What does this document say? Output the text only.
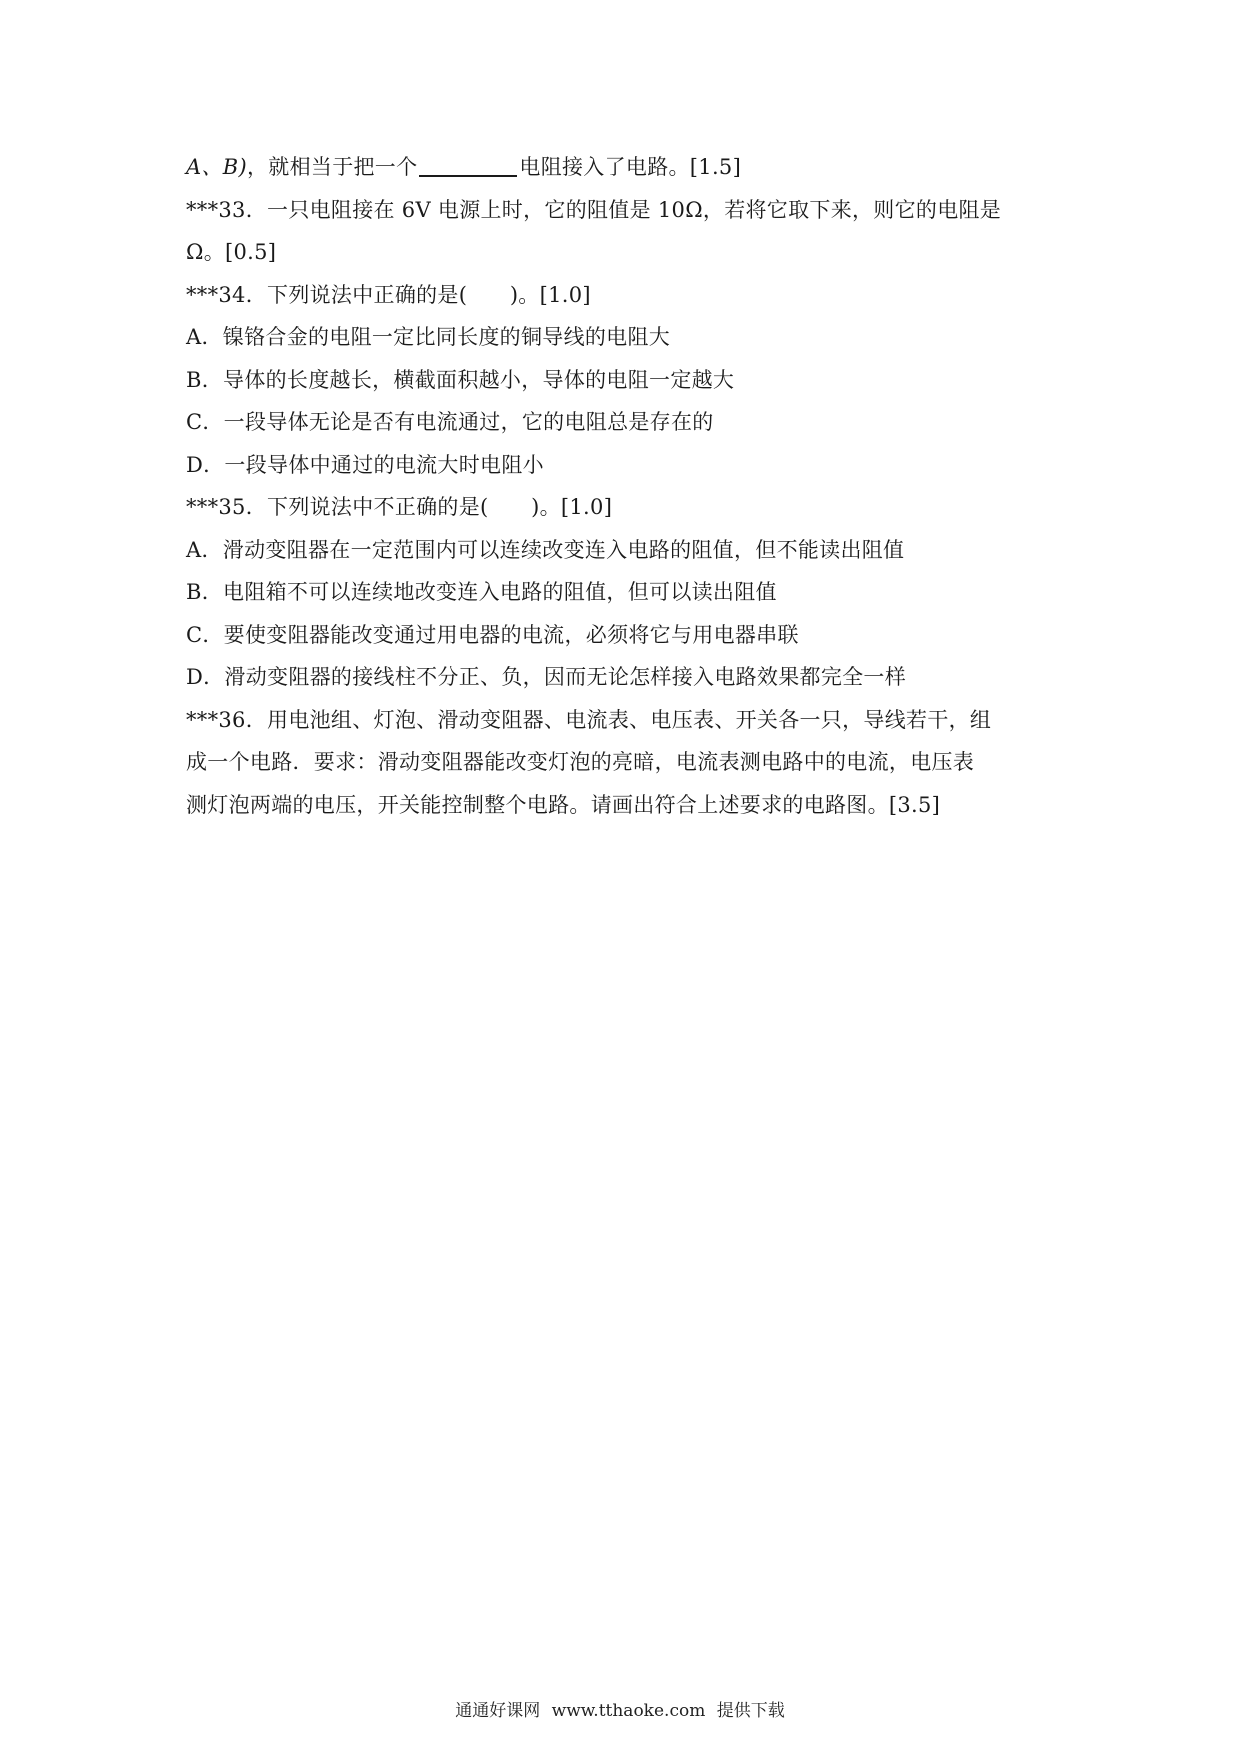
A、B)，就相当于把一个	电阻接入了电路。[1.5]
***33．一只电阻接在 6V 电源上时，它的阻值是 10Ω，若将它取下来，则它的电阻是
Ω。[0.5]
***34．下列说法中正确的是(　　)。[1.0]
A．镍铬合金的电阻一定比同长度的铜导线的电阻大
B．导体的长度越长，横截面积越小，导体的电阻一定越大
C．一段导体无论是否有电流通过，它的电阻总是存在的
D．一段导体中通过的电流大时电阻小
***35．下列说法中不正确的是(　　)。[1.0]
A．滑动变阻器在一定范围内可以连续改变连入电路的阻值，但不能读出阻值
B．电阻箱不可以连续地改变连入电路的阻值，但可以读出阻值
C．要使变阻器能改变通过用电器的电流，必须将它与用电器串联
D．滑动变阻器的接线柱不分正、负，因而无论怎样接入电路效果都完全一样
***36．用电池组、灯泡、滑动变阻器、电流表、电压表、开关各一只，导线若干，组
成一个电路．要求：滑动变阻器能改变灯泡的亮暗，电流表测电路中的电流，电压表
测灯泡两端的电压，开关能控制整个电路。请画出符合上述要求的电路图。[3.5]
通通好课网 www.tthaoke.com 提供下载
